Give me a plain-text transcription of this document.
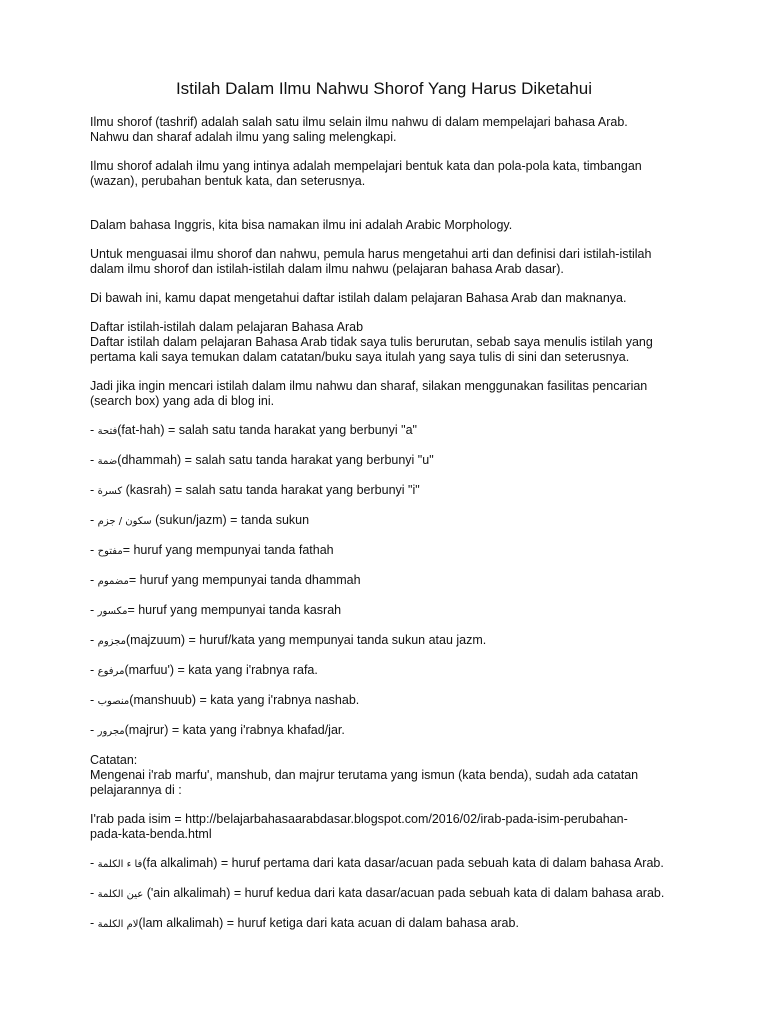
Istilah Dalam Ilmu Nahwu Shorof Yang Harus Diketahui

Ilmu shorof (tashrif) adalah salah satu ilmu selain ilmu nahwu di dalam mempelajari bahasa Arab.

Nahwu dan sharaf adalah ilmu yang saling melengkapi.

Ilmu shorof adalah ilmu yang intinya adalah mempelajari bentuk kata dan pola-pola kata, timbangan

(wazan), perubahan bentuk kata, dan seterusnya.

Dalam bahasa Inggris, kita bisa namakan ilmu ini adalah Arabic Morphology.

Untuk menguasai ilmu shorof dan nahwu, pemula harus mengetahui arti dan definisi dari istilah-istilah

dalam ilmu shorof dan istilah-istilah dalam ilmu nahwu (pelajaran bahasa Arab dasar).

Di bawah ini, kamu dapat mengetahui daftar istilah dalam pelajaran Bahasa Arab dan maknanya.

Daftar istilah-istilah dalam pelajaran Bahasa Arab

Daftar istilah dalam pelajaran Bahasa Arab tidak saya tulis berurutan, sebab saya menulis istilah yang

pertama kali saya temukan dalam catatan/buku saya itulah yang saya tulis di sini dan seterusnya.

Jadi jika ingin mencari istilah dalam ilmu nahwu dan sharaf, silakan menggunakan fasilitas pencarian

(search box) yang ada di blog ini.

- فتحة(fat-hah) = salah satu tanda harakat yang berbunyi "a"

- ضمة(dhammah) = salah satu tanda harakat yang berbunyi "u"

- كسرة (kasrah) = salah satu tanda harakat yang berbunyi "i"

- سكون / جزم (sukun/jazm) = tanda sukun

- مفتوح= huruf yang mempunyai tanda fathah

- مضموم= huruf yang mempunyai tanda dhammah

- مكسور= huruf yang mempunyai tanda kasrah

- مجزوم(majzuum) = huruf/kata yang mempunyai tanda sukun atau jazm.

- مرفوع(marfuu') = kata yang i'rabnya rafa.

- منصوب(manshuub) = kata yang i'rabnya nashab.

- مجرور(majrur) = kata yang i'rabnya khafad/jar.

Catatan:

Mengenai i'rab marfu', manshub, dan majrur terutama yang ismun (kata benda), sudah ada catatan

pelajarannya di :

I'rab pada isim = http://belajarbahasaarabdasar.blogspot.com/2016/02/irab-pada-isim-perubahan-

pada-kata-benda.html

- فا ء الكلمة(fa alkalimah) = huruf pertama dari kata dasar/acuan pada sebuah kata di dalam bahasa Arab.

- عين الكلمة ('ain alkalimah) = huruf kedua dari kata dasar/acuan pada sebuah kata di dalam bahasa arab.

- لام الكلمة(lam alkalimah) = huruf ketiga dari kata acuan di dalam bahasa arab.
